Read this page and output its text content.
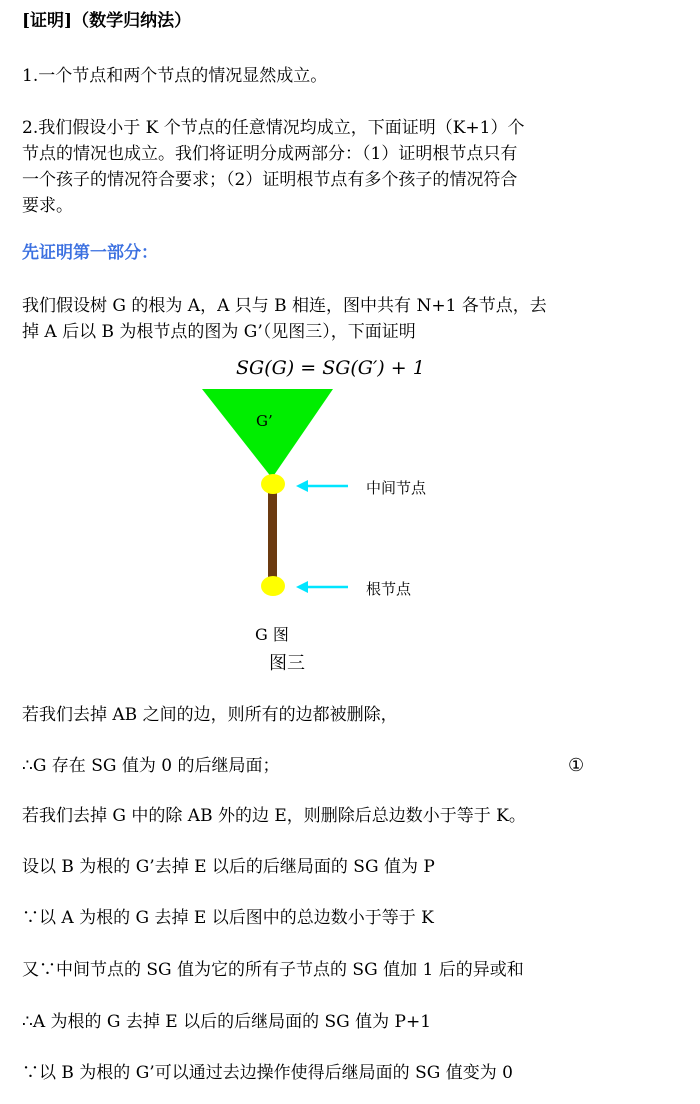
[证明]（数学归纳法）
1.一个节点和两个节点的情况显然成立。
2.我们假设小于 K 个节点的任意情况均成立，下面证明（K+1）个
节点的情况也成立。我们将证明分成两部分：（1）证明根节点只有
一个孩子的情况符合要求；（2）证明根节点有多个孩子的情况符合
要求。
先证明第一部分：
我们假设树 G 的根为 A，A 只与 B 相连，图中共有 N+1 各节点，去
掉 A 后以 B 为根节点的图为 G’（见图三），下面证明
SG(G) = SG(G′) + 1
G’
中间节点
根节点
G 图
图三
若我们去掉 AB 之间的边，则所有的边都被删除，
∴G 存在 SG 值为 0 的后继局面；	①
若我们去掉 G 中的除 AB 外的边 E，则删除后总边数小于等于 K。
设以 B 为根的 G’去掉 E 以后的后继局面的 SG 值为 P
∵以 A 为根的 G 去掉 E 以后图中的总边数小于等于 K
又∵中间节点的 SG 值为它的所有子节点的 SG 值加 1 后的异或和
∴A 为根的 G 去掉 E 以后的后继局面的 SG 值为 P+1
∵以 B 为根的 G’可以通过去边操作使得后继局面的 SG 值变为 0
